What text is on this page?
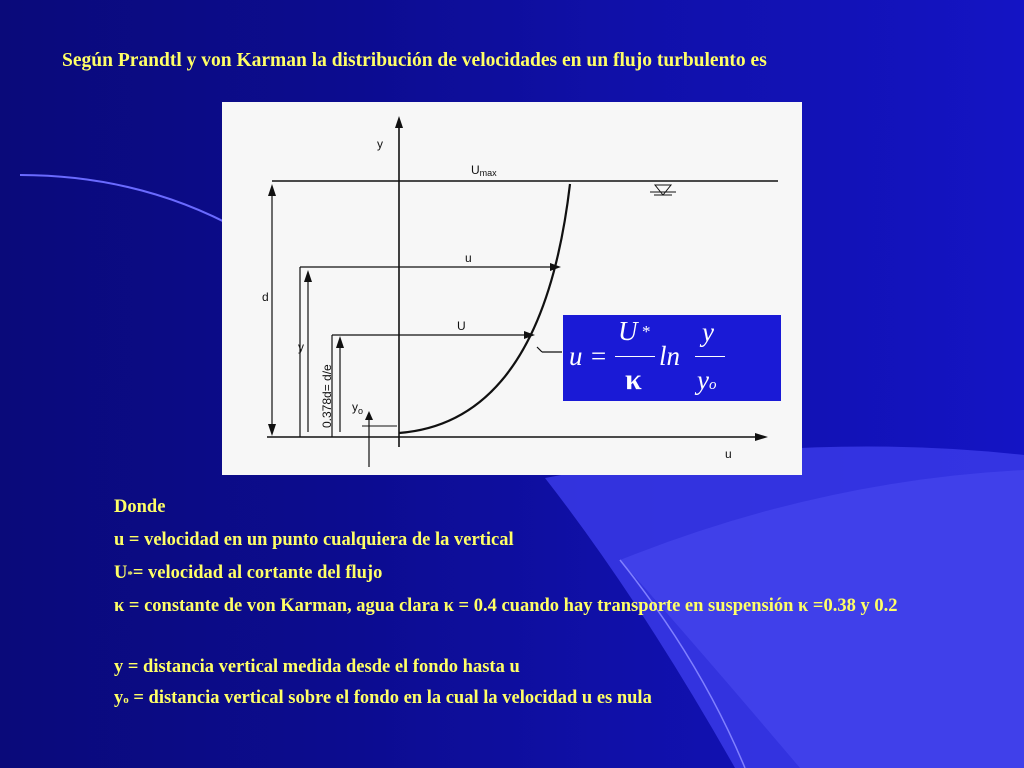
Según Prandtl y von Karman la distribución de velocidades en un flujo turbulento es
y
Umax
u
u
U
d
y
0.378d= d/e $y_o$
u =
U *
κ
ln
y
yo
Donde
u = velocidad en un punto cualquiera de la vertical
U*= velocidad al cortante del flujo
κ = constante de von Karman, agua clara κ = 0.4 cuando hay transporte en suspensión κ =0.38 y 0.2
y = distancia vertical medida desde el fondo hasta u
yo = distancia vertical sobre el fondo en la cual la velocidad u es nula
